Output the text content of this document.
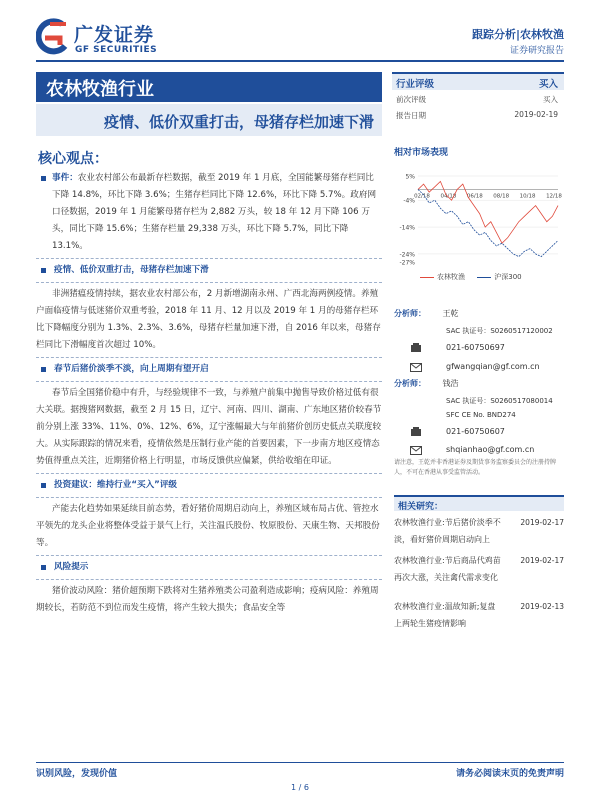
广发证券
GF SECURITIES
跟踪分析|农林牧渔
证券研究报告
农林牧渔行业
疫情、低价双重打击，母猪存栏加速下滑
行业评级	买入
前次评级	买入
报告日期	2019-02-19
核心观点：

事件：农业农村部公布最新存栏数据，截至 2019 年 1 月底，全国能繁母猪存栏同比下降 14.8%，环比下降 3.6%；生猪存栏同比下降 12.6%，环比下降 5.7%。政府网口径数据，2019 年 1 月能繁母猪存栏为 2,882 万头，较 18 年 12 月下降 106 万头，同比下降 15.6%；生猪存栏量 29,338 万头，环比下降 5.7%，同比下降 13.1%。

疫情、低价双重打击，母猪存栏加速下滑

非洲猪瘟疫情持续，据农业农村部公布，2 月新增湖南永州、广西北海两例疫情。养殖户面临疫情与低迷猪价双重考验，2018 年 11 月、12 月以及 2019 年 1 月的母猪存栏环比下降幅度分别为 1.3%、2.3%、3.6%，母猪存栏量加速下滑，自 2016 年以来，母猪存栏同比下滑幅度首次超过 10%。

春节后猪价淡季不淡，向上周期有望开启

春节后全国猪价稳中有升，与经验规律不一致，与养殖户前集中抛售导致价格过低有很大关联。据搜猪网数据，截至 2 月 15 日，辽宁、河南、四川、湖南、广东地区猪价较春节前分别上涨 33%、11%、0%、12%、6%，辽宁涨幅最大与年前猪价创历史低点关联度较大。从实际跟踪的情况来看，疫情依然是压制行业产能的首要因素，下一步南方地区疫情态势值得重点关注，近期猪价格上行明显，市场反馈供应偏紧，供给收缩在印证。

投资建议：维持行业“买入”评级

产能去化趋势如果延续目前态势，看好猪价周期启动向上，养殖区域布局占优、管控水平领先的龙头企业将整体受益于景气上行，关注温氏股份、牧原股份、天康生物、天邦股份等。

风险提示

猪价波动风险：猪价超预期下跌将对生猪养殖类公司盈利造成影响；疫病风险：养殖周期较长，若防范不到位而发生疫情，将产生较大损失；食品安全等

相对市场表现
5%
-4%
-14%
-24%
-27%
02/18 04/18 06/18 08/18 10/18 12/18
农林牧渔	沪深300
分析师： 王乾
SAC 执证号：S0260517120002
021-60750697
gfwangqian@gf.com.cn
分析师： 钱浩
SAC 执证号：S0260517080014
SFC CE No. BND274
021-60750607
shqianhao@gf.com.cn
请注意，王乾并非香港证券及期货事务监察委员会的注册持牌人，不可在香港从事受监管活动。
相关研究：
农林牧渔行业:节后猪价淡季不淡，看好猪价周期启动向上
2019-02-17
农林牧渔行业:节后商品代鸡苗再次大涨，关注禽代需求变化
2019-02-17
农林牧渔行业:温故知新;复盘上两轮生猪疫情影响
2019-02-13
识别风险，发现价值	请务必阅读末页的免责声明
1 / 6
